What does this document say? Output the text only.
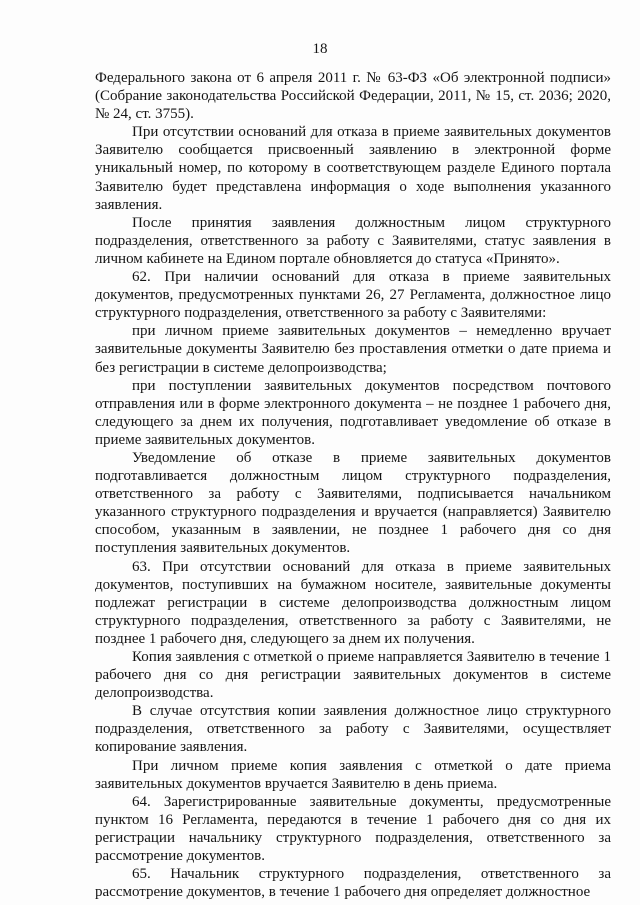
18

Федерального закона от 6 апреля 2011 г. № 63-ФЗ «Об электронной подписи» (Собрание законодательства Российской Федерации, 2011, № 15, ст. 2036; 2020, № 24, ст. 3755).

При отсутствии оснований для отказа в приеме заявительных документов Заявителю сообщается присвоенный заявлению в электронной форме уникальный номер, по которому в соответствующем разделе Единого портала Заявителю будет представлена информация о ходе выполнения указанного заявления.

После принятия заявления должностным лицом структурного подразделения, ответственного за работу с Заявителями, статус заявления в личном кабинете на Едином портале обновляется до статуса «Принято».

62. При наличии оснований для отказа в приеме заявительных документов, предусмотренных пунктами 26, 27 Регламента, должностное лицо структурного подразделения, ответственного за работу с Заявителями:

при личном приеме заявительных документов – немедленно вручает заявительные документы Заявителю без проставления отметки о дате приема и без регистрации в системе делопроизводства;

при поступлении заявительных документов посредством почтового отправления или в форме электронного документа – не позднее 1 рабочего дня, следующего за днем их получения, подготавливает уведомление об отказе в приеме заявительных документов.

Уведомление об отказе в приеме заявительных документов подготавливается должностным лицом структурного подразделения, ответственного за работу с Заявителями, подписывается начальником указанного структурного подразделения и вручается (направляется) Заявителю способом, указанным в заявлении, не позднее 1 рабочего дня со дня поступления заявительных документов.

63. При отсутствии оснований для отказа в приеме заявительных документов, поступивших на бумажном носителе, заявительные документы подлежат регистрации в системе делопроизводства должностным лицом структурного подразделения, ответственного за работу с Заявителями, не позднее 1 рабочего дня, следующего за днем их получения.

Копия заявления с отметкой о приеме направляется Заявителю в течение 1 рабочего дня со дня регистрации заявительных документов в системе делопроизводства.

В случае отсутствия копии заявления должностное лицо структурного подразделения, ответственного за работу с Заявителями, осуществляет копирование заявления.

При личном приеме копия заявления с отметкой о дате приема заявительных документов вручается Заявителю в день приема.

64. Зарегистрированные заявительные документы, предусмотренные пунктом 16 Регламента, передаются в течение 1 рабочего дня со дня их регистрации начальнику структурного подразделения, ответственного за рассмотрение документов.

65. Начальник структурного подразделения, ответственного за рассмотрение документов, в течение 1 рабочего дня определяет должностное
